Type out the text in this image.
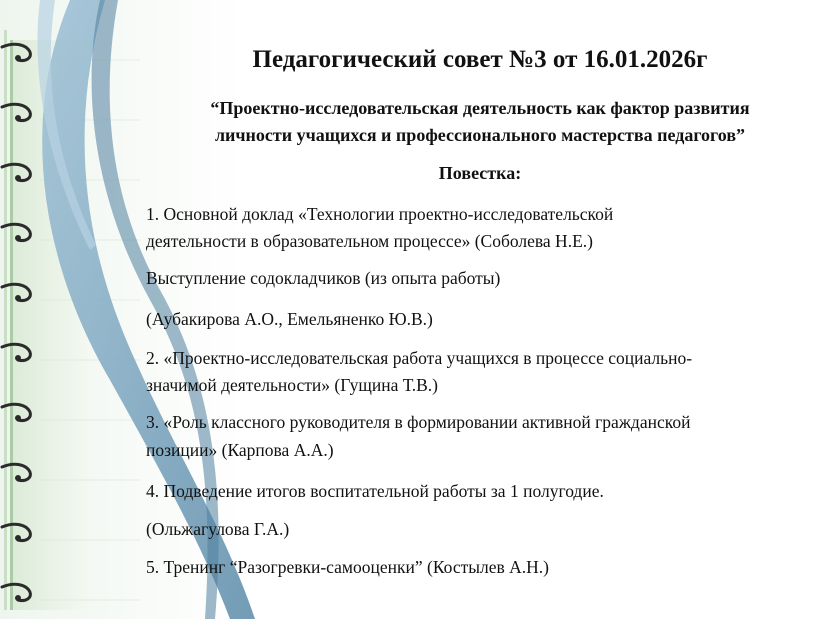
Педагогический совет №3 от 16.01.2026г
“Проектно-исследовательская деятельность как фактор развития
личности учащихся и профессионального мастерства педагогов”
Повестка:

1. Основной доклад «Технологии проектно-исследовательской

деятельности в образовательном процессе» (Соболева Н.Е.)

Выступление содокладчиков (из опыта работы)

(Аубакирова А.О., Емельяненко Ю.В.)

2. «Проектно-исследовательская работа учащихся в процессе социально-

значимой деятельности» (Гущина Т.В.)

3. «Роль классного руководителя в формировании активной гражданской

позиции» (Карпова А.А.)

4. Подведение итогов воспитательной работы за 1 полугодие.

(Ольжагулова Г.А.)

5. Тренинг “Разогревки-самооценки” (Костылев А.Н.)
